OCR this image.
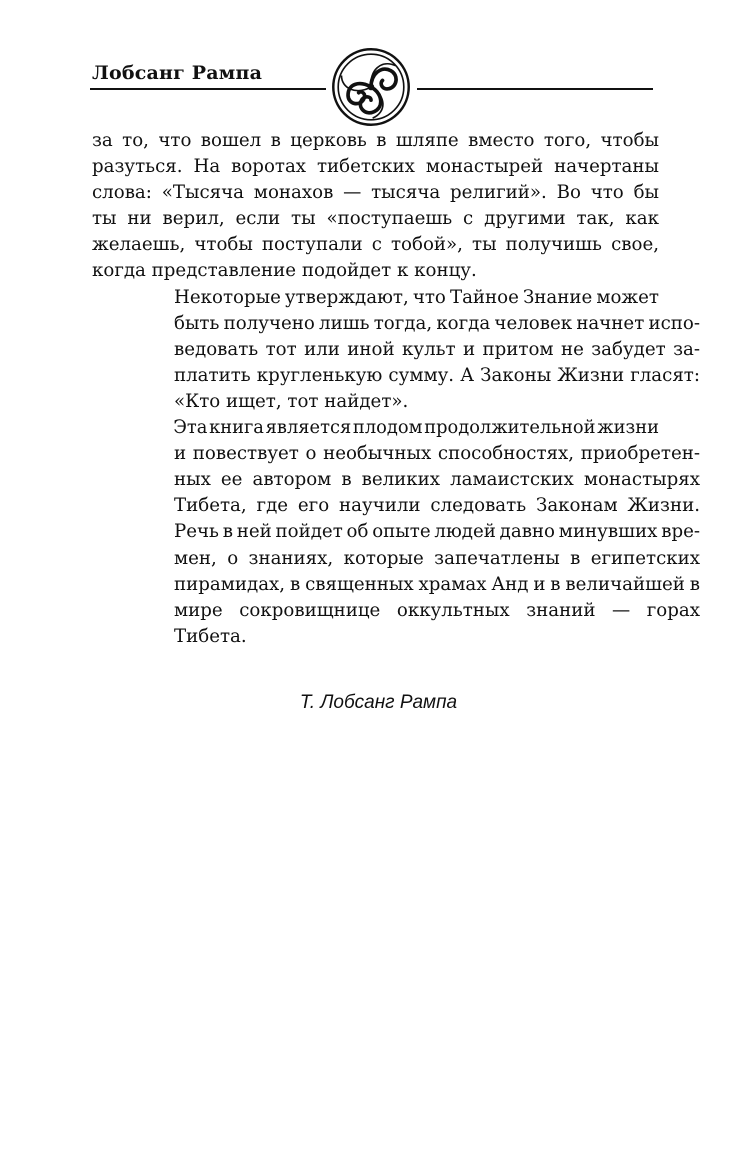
Лобсанг Рампа

за то, что вошел в церковь в шляпе вместо того, чтобы
разуться. На воротах тибетских монастырей начертаны
слова: «Тысяча монахов — тысяча религий». Во что бы
ты ни верил, если ты «поступаешь с другими так, как
желаешь, чтобы поступали с тобой», ты получишь свое,
когда представление подойдет к концу.

Некоторые утверждают, что Тайное Знание может
быть получено лишь тогда, когда человек начнет испо-
ведовать тот или иной культ и притом не забудет за-
платить кругленькую сумму. А Законы Жизни гласят:
«Кто ищет, тот найдет».

Эта книга является плодом продолжительной жизни
и повествует о необычных способностях, приобретен-
ных ее автором в великих ламаистских монастырях
Тибета, где его научили следовать Законам Жизни.
Речь в ней пойдет об опыте людей давно минувших вре-
мен, о знаниях, которые запечатлены в египетских
пирамидах, в священных храмах Анд и в величайшей в
мире сокровищнице оккультных знаний — горах
Тибета.

Т. Лобсанг Рампа
